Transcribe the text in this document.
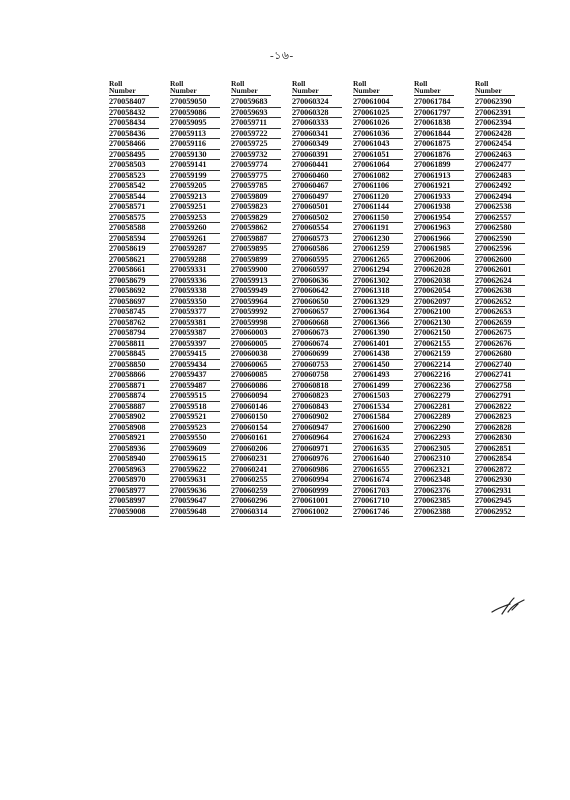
-১৬-
Roll
Number
270058407
270058432
270058434
270058436
270058466
270058495
270058503
270058523
270058542
270058544
270058571
270058575
270058588
270058594
270058619
270058621
270058661
270058679
270058692
270058697
270058745
270058762
270058794
270058811
270058845
270058850
270058866
270058871
270058874
270058887
270058902
270058908
270058921
270058936
270058940
270058963
270058970
270058977
270058997
270059008
Roll
Number
270059050
270059086
270059095
270059113
270059116
270059130
270059141
270059199
270059205
270059213
270059251
270059253
270059260
270059261
270059287
270059288
270059331
270059336
270059338
270059350
270059377
270059381
270059387
270059397
270059415
270059434
270059437
270059487
270059515
270059518
270059521
270059523
270059550
270059609
270059615
270059622
270059631
270059636
270059647
270059648
Roll
Number
270059683
270059693
270059711
270059722
270059725
270059732
270059774
270059775
270059785
270059809
270059823
270059829
270059862
270059887
270059895
270059899
270059900
270059913
270059949
270059964
270059992
270059998
270060003
270060005
270060038
270060065
270060085
270060086
270060094
270060146
270060150
270060154
270060161
270060206
270060231
270060241
270060255
270060259
270060296
270060314
Roll
Number
270060324
270060328
270060333
270060341
270060349
270060391
270060441
270060460
270060467
270060497
270060501
270060502
270060554
270060573
270060586
270060595
270060597
270060636
270060642
270060650
270060657
270060668
270060673
270060674
270060699
270060753
270060758
270060818
270060823
270060843
270060902
270060947
270060964
270060971
270060976
270060986
270060994
270060999
270061001
270061002
Roll
Number
270061004
270061025
270061026
270061036
270061043
270061051
270061064
270061082
270061106
270061120
270061144
270061150
270061191
270061230
270061259
270061265
270061294
270061302
270061318
270061329
270061364
270061366
270061390
270061401
270061438
270061450
270061493
270061499
270061503
270061534
270061584
270061600
270061624
270061635
270061640
270061655
270061674
270061703
270061710
270061746
Roll
Number
270061784
270061797
270061838
270061844
270061875
270061876
270061899
270061913
270061921
270061933
270061938
270061954
270061963
270061966
270061985
270062006
270062028
270062038
270062054
270062097
270062100
270062130
270062150
270062155
270062159
270062214
270062216
270062236
270062279
270062281
270062289
270062290
270062293
270062305
270062310
270062321
270062348
270062376
270062385
270062388
Roll
Number
270062390
270062391
270062394
270062428
270062454
270062463
270062477
270062483
270062492
270062494
270062538
270062557
270062580
270062590
270062596
270062600
270062601
270062624
270062638
270062652
270062653
270062659
270062675
270062676
270062680
270062740
270062741
270062758
270062791
270062822
270062823
270062828
270062830
270062851
270062854
270062872
270062930
270062931
270062945
270062952
